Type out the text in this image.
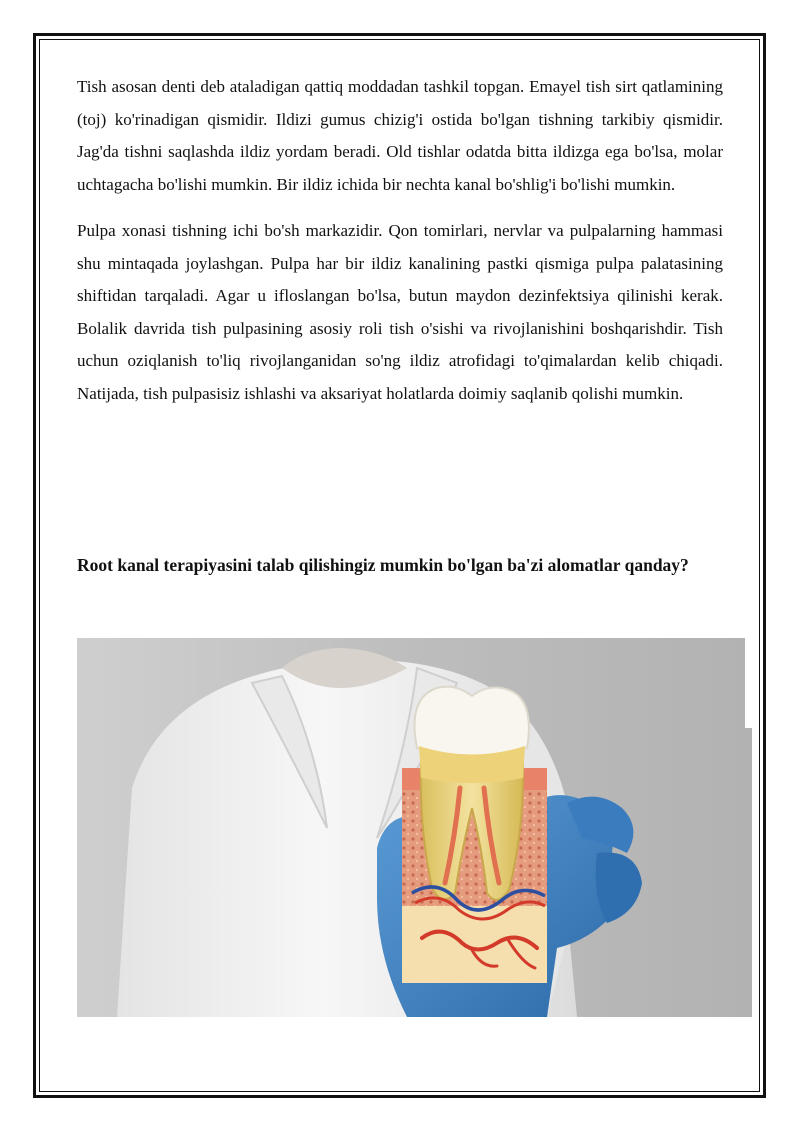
Tish asosan denti deb ataladigan qattiq moddadan tashkil topgan. Emayel tish sirt qatlamining (toj) ko'rinadigan qismidir. Ildizi gumus chizig'i ostida bo'lgan tishning tarkibiy qismidir. Jag'da tishni saqlashda ildiz yordam beradi. Old tishlar odatda bitta ildizga ega bo'lsa, molar uchtagacha bo'lishi mumkin. Bir ildiz ichida bir nechta kanal bo'shlig'i bo'lishi mumkin.

Pulpa xonasi tishning ichi bo'sh markazidir. Qon tomirlari, nervlar va pulpalarning hammasi shu mintaqada joylashgan. Pulpa har bir ildiz kanalining pastki qismiga pulpa palatasining shiftidan tarqaladi. Agar u ifloslangan bo'lsa, butun maydon dezinfektsiya qilinishi kerak. Bolalik davrida tish pulpasining asosiy roli tish o'sishi va rivojlanishini boshqarishdir. Tish uchun oziqlanish to'liq rivojlanganidan so'ng ildiz atrofidagi to'qimalardan kelib chiqadi. Natijada, tish pulpasisiz ishlashi va aksariyat holatlarda doimiy saqlanib qolishi mumkin.

Root kanal terapiyasini talab qilishingiz mumkin bo'lgan ba'zi alomatlar qanday?
